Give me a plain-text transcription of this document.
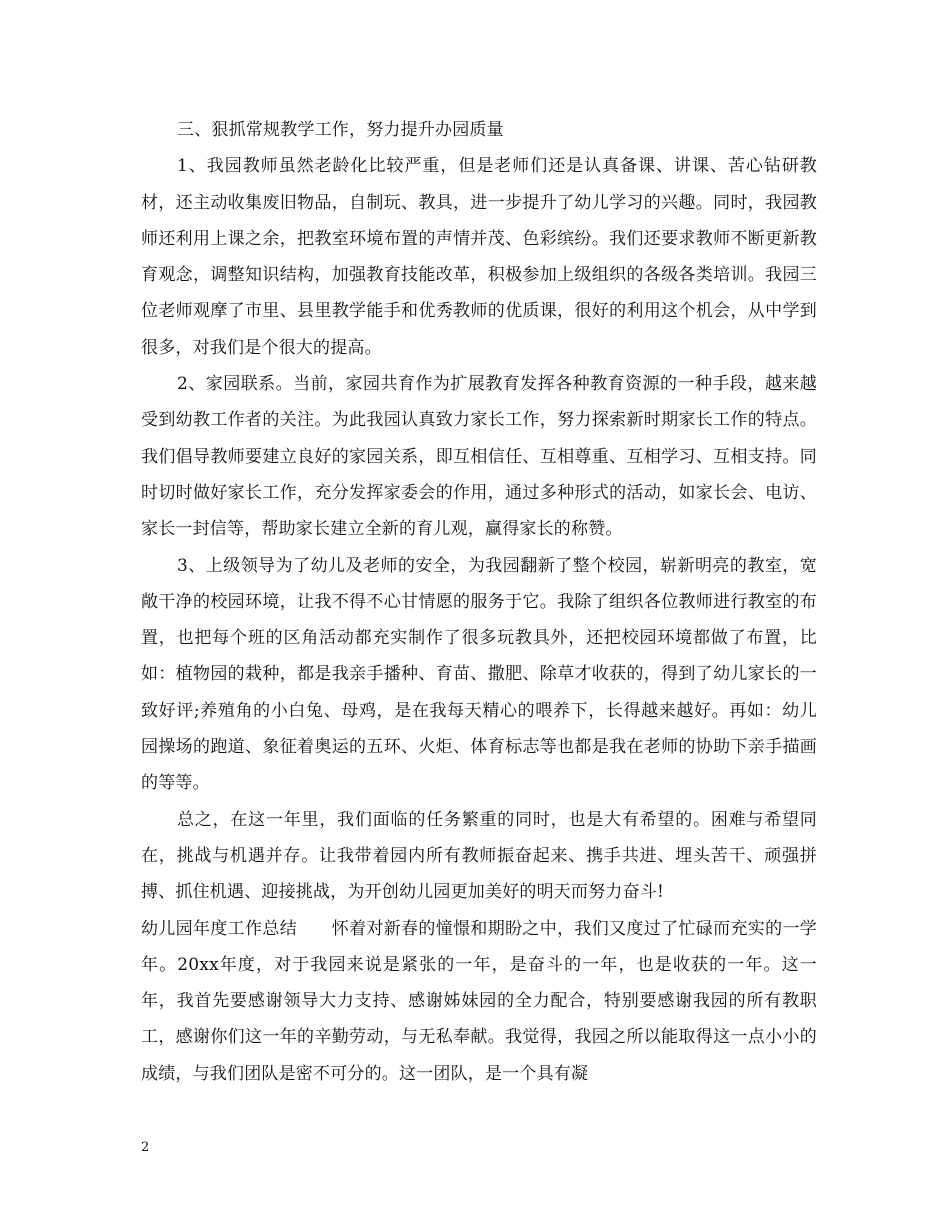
三、狠抓常规教学工作，努力提升办园质量

1、我园教师虽然老龄化比较严重，但是老师们还是认真备课、讲课、苦心钻研教材，还主动收集废旧物品，自制玩、教具，进一步提升了幼儿学习的兴趣。同时，我园教师还利用上课之余，把教室环境布置的声情并茂、色彩缤纷。我们还要求教师不断更新教育观念，调整知识结构，加强教育技能改革，积极参加上级组织的各级各类培训。我园三位老师观摩了市里、县里教学能手和优秀教师的优质课，很好的利用这个机会，从中学到很多，对我们是个很大的提高。

2、家园联系。当前，家园共育作为扩展教育发挥各种教育资源的一种手段，越来越受到幼教工作者的关注。为此我园认真致力家长工作，努力探索新时期家长工作的特点。我们倡导教师要建立良好的家园关系，即互相信任、互相尊重、互相学习、互相支持。同时切时做好家长工作，充分发挥家委会的作用，通过多种形式的活动，如家长会、电访、家长一封信等，帮助家长建立全新的育儿观，赢得家长的称赞。

3、上级领导为了幼儿及老师的安全，为我园翻新了整个校园，崭新明亮的教室，宽敞干净的校园环境，让我不得不心甘情愿的服务于它。我除了组织各位教师进行教室的布置，也把每个班的区角活动都充实制作了很多玩教具外，还把校园环境都做了布置，比如：植物园的栽种，都是我亲手播种、育苗、撒肥、除草才收获的，得到了幼儿家长的一致好评;养殖角的小白兔、母鸡，是在我每天精心的喂养下，长得越来越好。再如：幼儿园操场的跑道、象征着奥运的五环、火炬、体育标志等也都是我在老师的协助下亲手描画的等等。

总之，在这一年里，我们面临的任务繁重的同时，也是大有希望的。困难与希望同在，挑战与机遇并存。让我带着园内所有教师振奋起来、携手共进、埋头苦干、顽强拼搏、抓住机遇、迎接挑战，为开创幼儿园更加美好的明天而努力奋斗!

幼儿园年度工作总结　　怀着对新春的憧憬和期盼之中，我们又度过了忙碌而充实的一学年。20xx年度，对于我园来说是紧张的一年，是奋斗的一年，也是收获的一年。这一年，我首先要感谢领导大力支持、感谢姊妹园的全力配合，特别要感谢我园的所有教职工，感谢你们这一年的辛勤劳动，与无私奉献。我觉得，我园之所以能取得这一点小小的成绩，与我们团队是密不可分的。这一团队，是一个具有凝

2
